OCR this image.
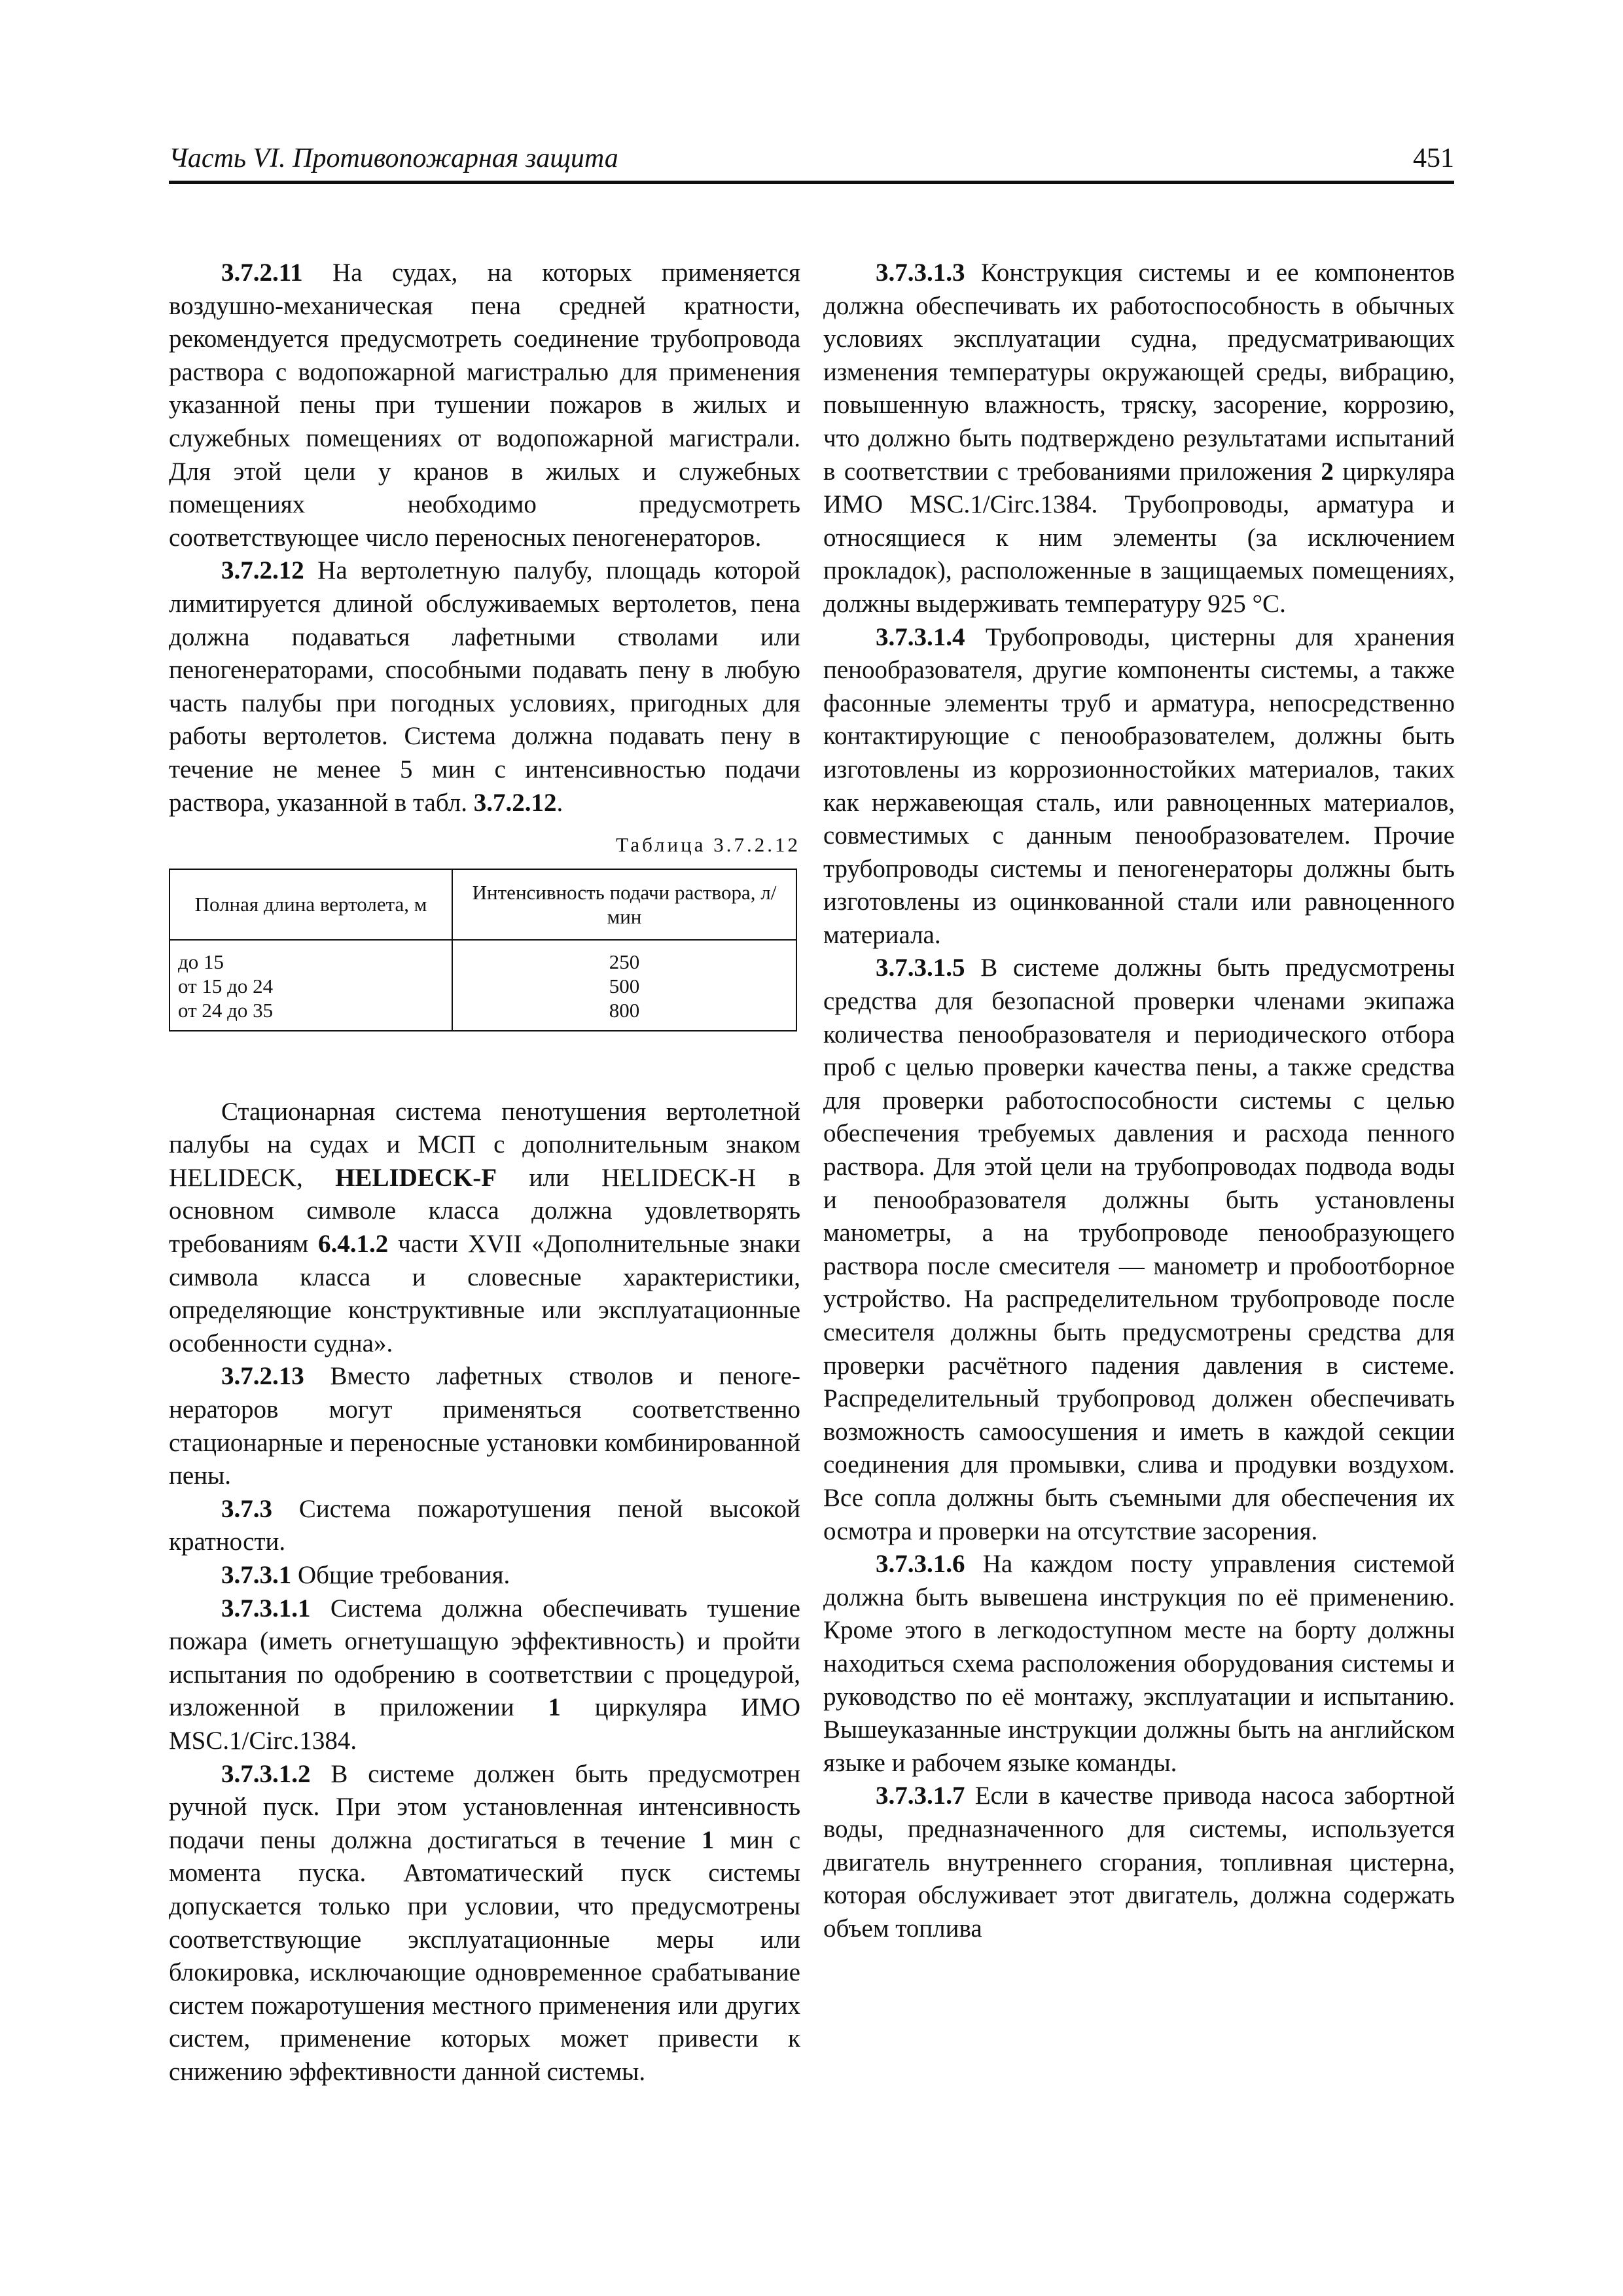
Часть VI. Противопожарная защита	451

3.7.2.11 На судах, на которых применяется воздушно-механическая пена средней кратности, рекомендуется предусмотреть соединение трубопровода раствора с водопожарной магистралью для применения указанной пены при тушении пожаров в жилых и служебных помещениях от водопожарной магистрали. Для этой цели у кранов в жилых и служебных помещениях необходимо предусмотреть соответствующее число переносных пеногенераторов.

3.7.2.12 На вертолетную палубу, площадь которой лимитируется длиной обслуживаемых вертолетов, пена должна подаваться лафетными стволами или пеногенераторами, способными подавать пену в любую часть палубы при погодных условиях, пригодных для работы вертолетов. Система должна подавать пену в течение не менее 5 мин с интенсивностью подачи раствора, указанной в табл. 3.7.2.12.

Таблица 3.7.2.12
Полная длина вертолета, м	Интенсивность подачи раствора, л/мин
до 15	250
от 15 до 24	500
от 24 до 35	800

Стационарная система пенотушения вертолетной палубы на судах и МСП с дополнительным знаком HELIDECK, HELIDECK-F или HELIDECK-H в основном символе класса должна удовлетворять требованиям 6.4.1.2 части XVII «Дополнительные знаки символа класса и словесные характеристики, определяющие конструктивные или эксплуатационные особенности судна».

3.7.2.13 Вместо лафетных стволов и пеногенераторов могут применяться соответственно стационарные и переносные установки комбинированной пены.

3.7.3 Система пожаротушения пеной высокой кратности.

3.7.3.1 Общие требования.

3.7.3.1.1 Система должна обеспечивать тушение пожара (иметь огнетушащую эффективность) и пройти испытания по одобрению в соответствии с процедурой, изложенной в приложении 1 циркуляра ИМО MSC.1/Circ.1384.

3.7.3.1.2 В системе должен быть предусмотрен ручной пуск. При этом установленная интенсивность подачи пены должна достигаться в течение 1 мин с момента пуска. Автоматический пуск системы допускается только при условии, что предусмотрены соответствующие эксплуатационные меры или блокировка, исключающие одновременное срабатывание систем пожаротушения местного применения или других систем, применение которых может привести к снижению эффективности данной системы.

3.7.3.1.3 Конструкция системы и ее компонентов должна обеспечивать их работоспособность в обычных условиях эксплуатации судна, предусматривающих изменения температуры окружающей среды, вибрацию, повышенную влажность, тряску, засорение, коррозию, что должно быть подтверждено результатами испытаний в соответствии с требованиями приложения 2 циркуляра ИМО MSC.1/Circ.1384. Трубопроводы, арматура и относящиеся к ним элементы (за исключением прокладок), расположенные в защищаемых помещениях, должны выдерживать температуру 925 °C.

3.7.3.1.4 Трубопроводы, цистерны для хранения пенообразователя, другие компоненты системы, а также фасонные элементы труб и арматура, непосредственно контактирующие с пенообразователем, должны быть изготовлены из коррозионностойких материалов, таких как нержавеющая сталь, или равноценных материалов, совместимых с данным пенообразователем. Прочие трубопроводы системы и пеногенераторы должны быть изготовлены из оцинкованной стали или равноценного материала.

3.7.3.1.5 В системе должны быть предусмотрены средства для безопасной проверки членами экипажа количества пенообразователя и периодического отбора проб с целью проверки качества пены, а также средства для проверки работоспособности системы с целью обеспечения требуемых давления и расхода пенного раствора. Для этой цели на трубопроводах подвода воды и пенообразователя должны быть установлены манометры, а на трубопроводе пенообразующего раствора после смесителя — манометр и пробоотборное устройство. На распределительном трубопроводе после смесителя должны быть предусмотрены средства для проверки расчётного падения давления в системе. Распределительный трубопровод должен обеспечивать возможность самоосушения и иметь в каждой секции соединения для промывки, слива и продувки воздухом. Все сопла должны быть съемными для обеспечения их осмотра и проверки на отсутствие засорения.

3.7.3.1.6 На каждом посту управления системой должна быть вывешена инструкция по её применению. Кроме этого в легкодоступном месте на борту должны находиться схема расположения оборудования системы и руководство по её монтажу, эксплуатации и испытанию. Вышеуказанные инструкции должны быть на английском языке и рабочем языке команды.

3.7.3.1.7 Если в качестве привода насоса забортной воды, предназначенного для системы, используется двигатель внутреннего сгорания, топливная цистерна, которая обслуживает этот двигатель, должна содержать объем топлива
